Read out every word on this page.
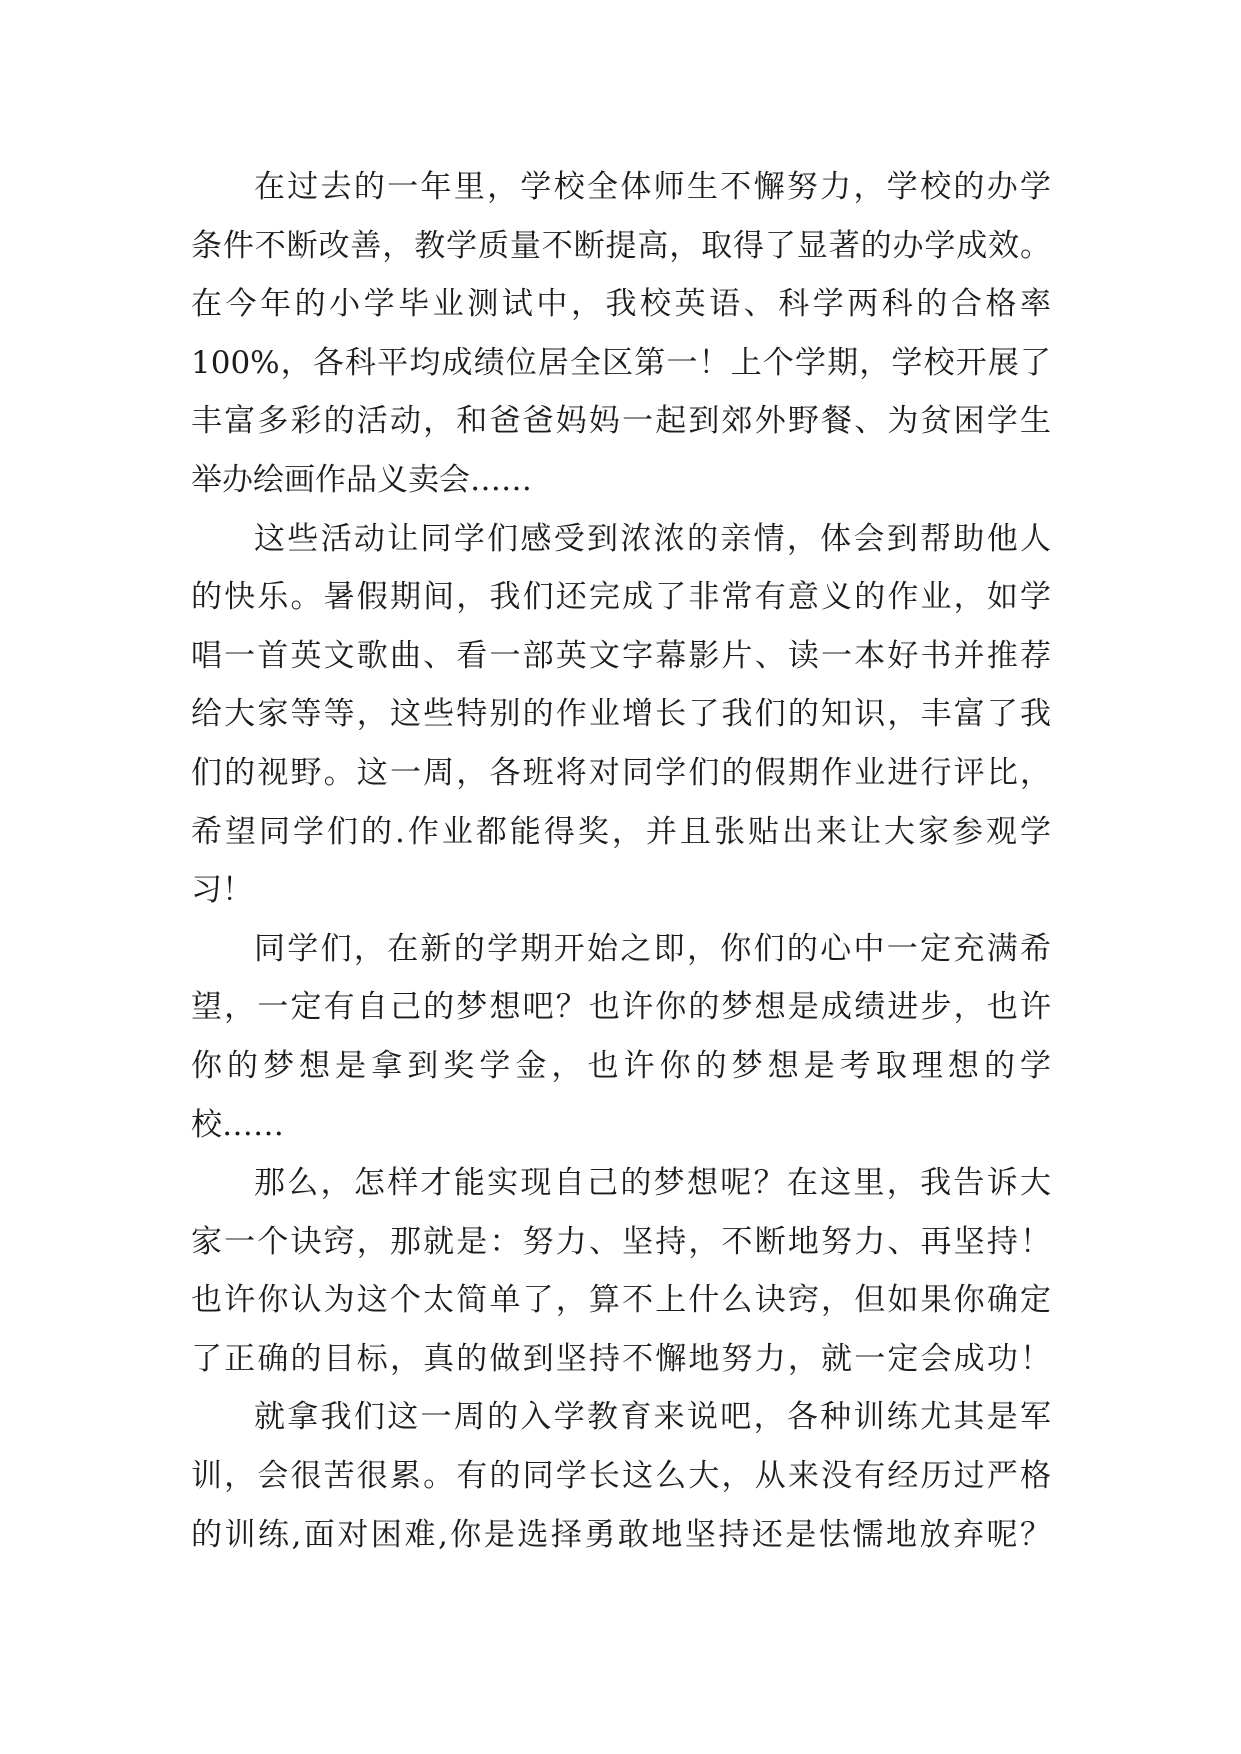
在过去的一年里，学校全体师生不懈努力，学校的办学
条件不断改善，教学质量不断提高，取得了显著的办学成效。
在今年的小学毕业测试中，我校英语、科学两科的合格率
100%，各科平均成绩位居全区第一！上个学期，学校开展了
丰富多彩的活动，和爸爸妈妈一起到郊外野餐、为贫困学生
举办绘画作品义卖会……
这些活动让同学们感受到浓浓的亲情，体会到帮助他人
的快乐。暑假期间，我们还完成了非常有意义的作业，如学
唱一首英文歌曲、看一部英文字幕影片、读一本好书并推荐
给大家等等，这些特别的作业增长了我们的知识，丰富了我
们的视野。这一周，各班将对同学们的假期作业进行评比，
希望同学们的.作业都能得奖，并且张贴出来让大家参观学
习！
同学们，在新的学期开始之即，你们的心中一定充满希
望，一定有自己的梦想吧？也许你的梦想是成绩进步，也许
你的梦想是拿到奖学金，也许你的梦想是考取理想的学
校……
那么，怎样才能实现自己的梦想呢？在这里，我告诉大
家一个诀窍，那就是：努力、坚持，不断地努力、再坚持！
也许你认为这个太简单了，算不上什么诀窍，但如果你确定
了正确的目标，真的做到坚持不懈地努力，就一定会成功！
就拿我们这一周的入学教育来说吧，各种训练尤其是军
训，会很苦很累。有的同学长这么大，从来没有经历过严格
的训练,面对困难,你是选择勇敢地坚持还是怯懦地放弃呢？
